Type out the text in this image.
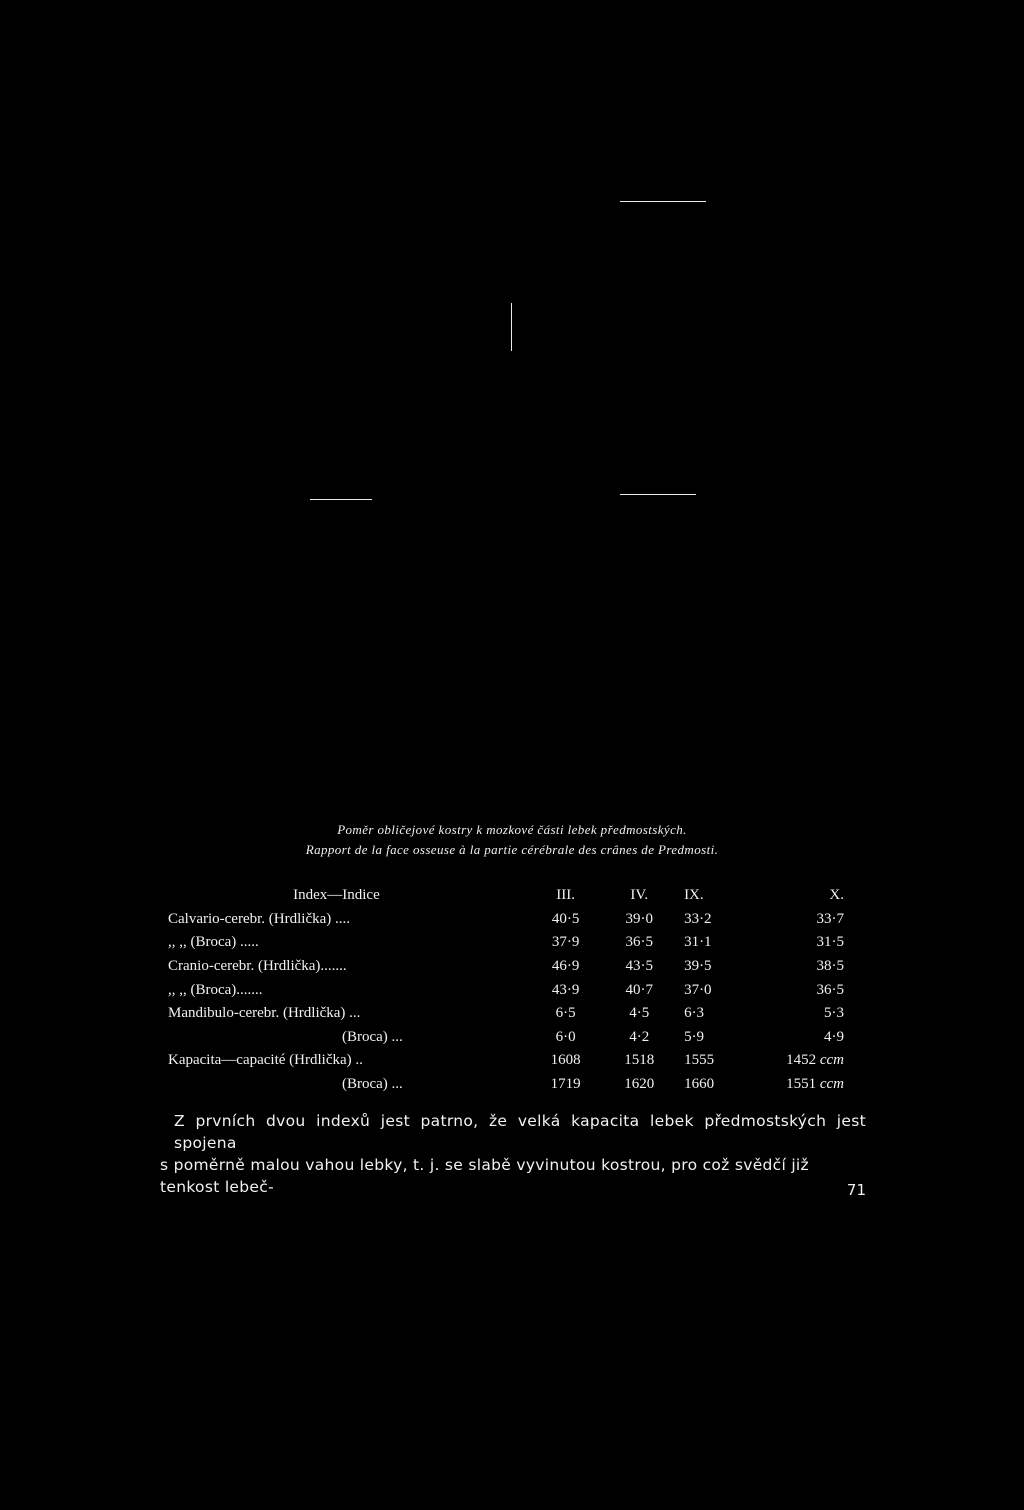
Poměr obličejové kostry k mozkové části lebek předmostských.
Rapport de la face osseuse à la partie cérébrale des crânes de Predmosti.
Index—Indice	III.	IV.	IX.	X.
Calvario-cerebr. (Hrdlička) ....	40·5	39·0	33·2	33·7
,, ,, (Broca) .....	37·9	36·5	31·1	31·5
Cranio-cerebr. (Hrdlička).......	46·9	43·5	39·5	38·5
,, ,, (Broca).......	43·9	40·7	37·0	36·5
Mandibulo-cerebr. (Hrdlička) ...	6·5	4·5	6·3	5·3
(Broca) ...	6·0	4·2	5·9	4·9
Kapacita—capacité (Hrdlička) ..	1608	1518	1555	1452 ccm
(Broca) ...	1719	1620	1660	1551 ccm
Z prvních dvou indexů jest patrno, že velká kapacita lebek předmostských jest spojena
s poměrně malou vahou lebky, t. j. se slabě vyvinutou kostrou, pro což svědčí již tenkost lebeč-	71
